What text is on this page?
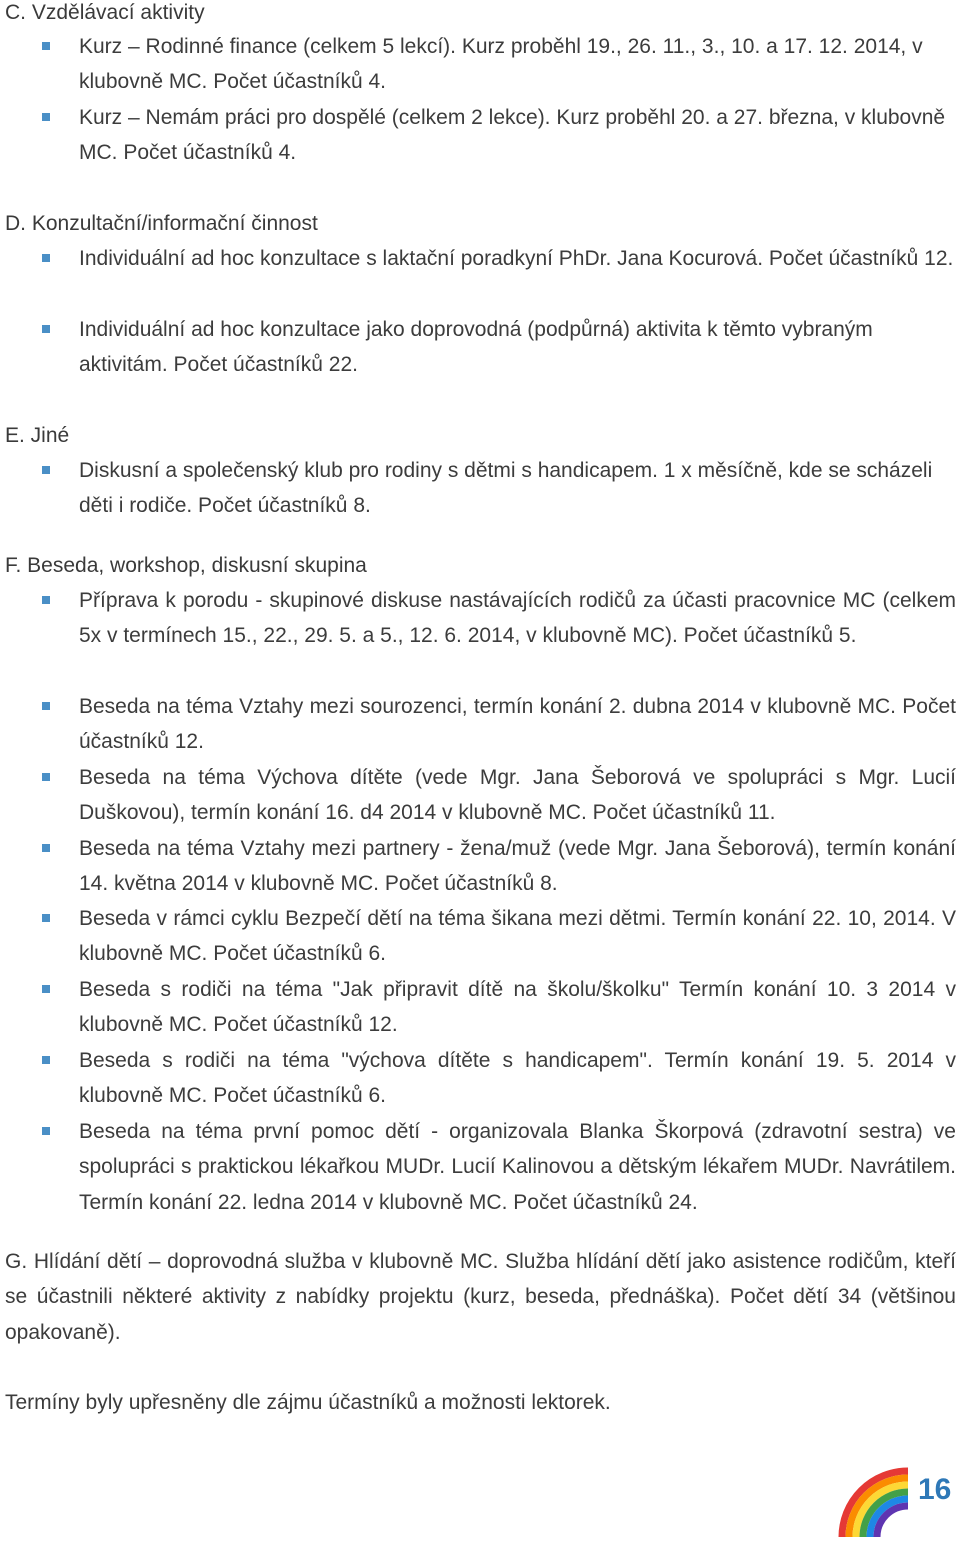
C. Vzdělávací aktivity

Kurz – Rodinné finance (celkem 5 lekcí). Kurz proběhl 19., 26. 11., 3., 10. a 17. 12. 2014, v klubovně MC. Počet účastníků 4.

Kurz – Nemám práci pro dospělé (celkem 2 lekce). Kurz proběhl 20. a 27. března, v klubovně MC. Počet účastníků 4.

D. Konzultační/informační činnost

Individuální ad hoc konzultace s laktační poradkyní PhDr. Jana Kocurová. Počet účastníků 12.

Individuální ad hoc konzultace jako doprovodná (podpůrná) aktivita k těmto vybraným aktivitám. Počet účastníků 22.

E. Jiné

Diskusní a společenský klub pro rodiny s dětmi s handicapem. 1 x měsíčně, kde se scházeli děti i rodiče. Počet účastníků 8.

F. Beseda, workshop, diskusní skupina

Příprava k porodu - skupinové diskuse nastávajících rodičů za účasti pracovnice MC (celkem 5x v termínech 15., 22., 29. 5. a 5., 12. 6. 2014, v klubovně MC). Počet účastníků 5.

Beseda na téma Vztahy mezi sourozenci, termín konání 2. dubna 2014 v klubovně MC. Počet účastníků 12.

Beseda na téma Výchova dítěte (vede Mgr. Jana Šeborová ve spolupráci s Mgr. Lucií Duškovou), termín konání 16. d4 2014 v klubovně MC. Počet účastníků 11.

Beseda na téma Vztahy mezi partnery - žena/muž (vede Mgr. Jana Šeborová), termín konání 14. května 2014 v klubovně MC. Počet účastníků 8.

Beseda v rámci cyklu Bezpečí dětí na téma šikana mezi dětmi. Termín konání 22. 10, 2014. V klubovně MC. Počet účastníků 6.

Beseda s rodiči na téma "Jak připravit dítě na školu/školku" Termín konání 10. 3 2014 v klubovně MC. Počet účastníků 12.

Beseda s rodiči na téma "výchova dítěte s handicapem". Termín konání 19. 5. 2014 v klubovně MC. Počet účastníků 6.

Beseda na téma první pomoc dětí - organizovala Blanka Škorpová (zdravotní sestra) ve spolupráci s praktickou lékařkou MUDr. Lucií Kalinovou a dětským lékařem MUDr. Navrátilem. Termín konání 22. ledna 2014 v klubovně MC. Počet účastníků 24.

G. Hlídání dětí – doprovodná služba v klubovně MC. Služba hlídání dětí jako asistence rodičům, kteří se účastnili některé aktivity z nabídky projektu (kurz, beseda, přednáška). Počet dětí 34 (většinou opakovaně).

Termíny byly upřesněny dle zájmu účastníků a možnosti lektorek.

16
